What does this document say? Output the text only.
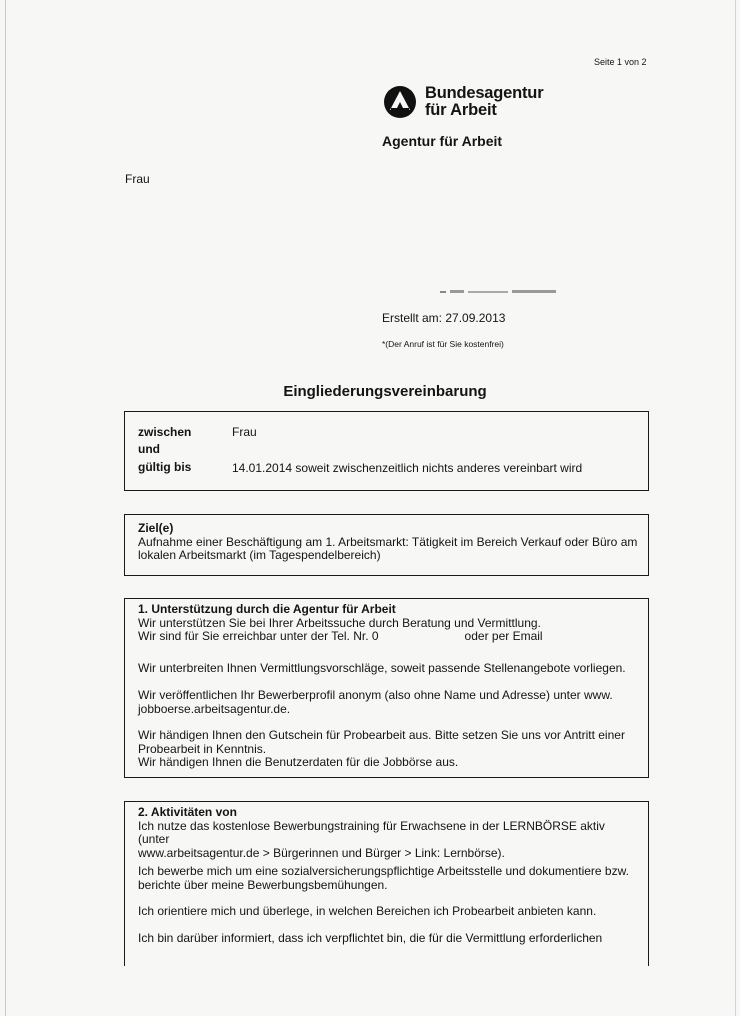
Seite 1 von 2
Bundesagentur
für Arbeit
Agentur für Arbeit
Frau
Erstellt am: 27.09.2013
*(Der Anruf ist für Sie kostenfrei)
Eingliederungsvereinbarung
zwischen	Frau
und
gültig bis	14.01.2014 soweit zwischenzeitlich nichts anderes vereinbart wird
Ziel(e)
Aufnahme einer Beschäftigung am 1. Arbeitsmarkt: Tätigkeit im Bereich Verkauf oder Büro am
lokalen Arbeitsmarkt (im Tagespendelbereich)
1. Unterstützung durch die Agentur für Arbeit
Wir unterstützen Sie bei Ihrer Arbeitssuche durch Beratung und Vermittlung.
Wir sind für Sie erreichbar unter der Tel. Nr. 0	oder per Email
Wir unterbreiten Ihnen Vermittlungsvorschläge, soweit passende Stellenangebote vorliegen.
Wir veröffentlichen Ihr Bewerberprofil anonym (also ohne Name und Adresse) unter www.
jobboerse.arbeitsagentur.de.
Wir händigen Ihnen den Gutschein für Probearbeit aus. Bitte setzen Sie uns vor Antritt einer
Probearbeit in Kenntnis.
Wir händigen Ihnen die Benutzerdaten für die Jobbörse aus.
2. Aktivitäten von
Ich nutze das kostenlose Bewerbungstraining für Erwachsene in der LERNBÖRSE aktiv (unter
www.arbeitsagentur.de > Bürgerinnen und Bürger > Link: Lernbörse).
Ich bewerbe mich um eine sozialversicherungspflichtige Arbeitsstelle und dokumentiere bzw.
berichte über meine Bewerbungsbemühungen.
Ich orientiere mich und überlege, in welchen Bereichen ich Probearbeit anbieten kann.
Ich bin darüber informiert, dass ich verpflichtet bin, die für die Vermittlung erforderlichen
